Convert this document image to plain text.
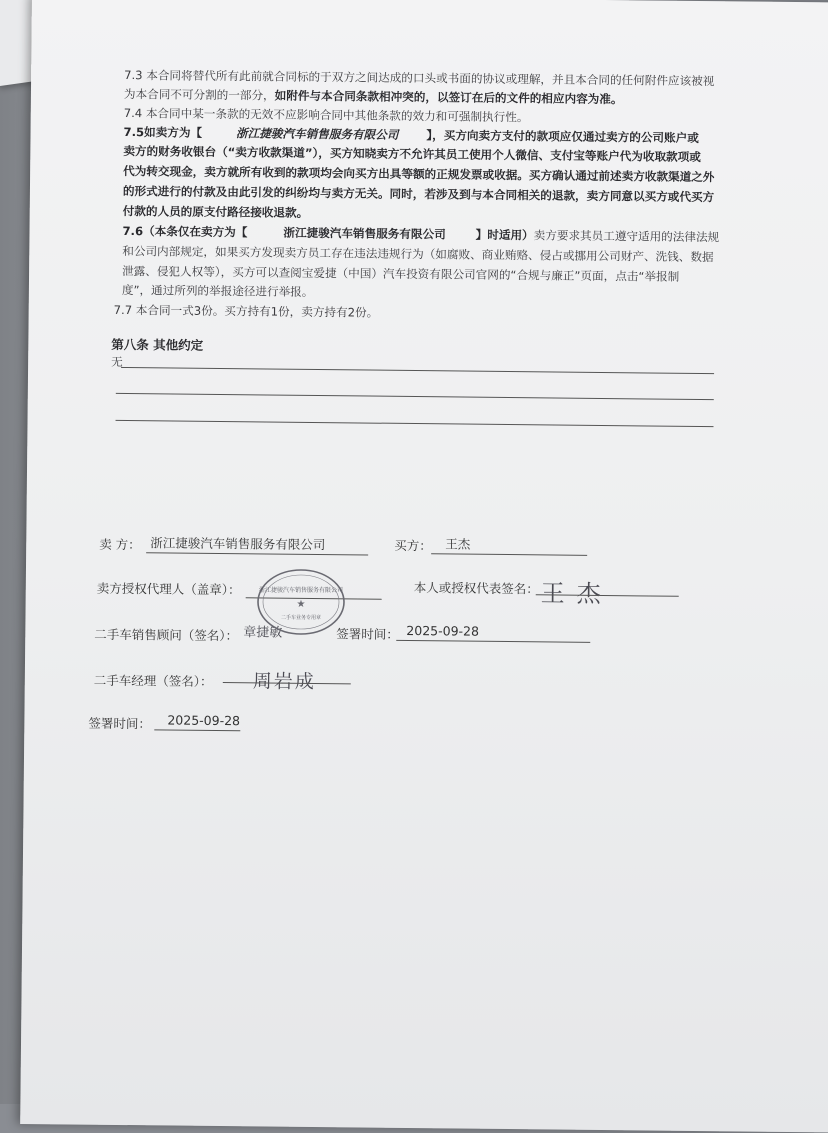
7.3 本合同将替代所有此前就合同标的于双方之间达成的口头或书面的协议或理解，并且本合同的任何附件应该被视
为本合同不可分割的一部分，如附件与本合同条款相冲突的，以签订在后的文件的相应内容为准。
7.4 本合同中某一条款的无效不应影响合同中其他条款的效力和可强制执行性。
7.5如卖方为【	浙江捷骏汽车销售服务有限公司 】，买方向卖方支付的款项应仅通过卖方的公司账户或
卖方的财务收银台（“卖方收款渠道”），买方知晓卖方不允许其员工使用个人微信、支付宝等账户代为收取款项或
代为转交现金，卖方就所有收到的款项均会向买方出具等额的正规发票或收据。买方确认通过前述卖方收款渠道之外
的形式进行的付款及由此引发的纠纷均与卖方无关。同时，若涉及到与本合同相关的退款，卖方同意以买方或代买方
付款的人员的原支付路径接收退款。
7.6（本条仅在卖方为【	浙江捷骏汽车销售服务有限公司	】时适用）卖方要求其员工遵守适用的法律法规
和公司内部规定，如果买方发现卖方员工存在违法违规行为（如腐败、商业贿赂、侵占或挪用公司财产、洗钱、数据
泄露、侵犯人权等），买方可以查阅宝爱捷（中国）汽车投资有限公司官网的“合规与廉正”页面，点击“举报制
度”，通过所列的举报途径进行举报。
7.7 本合同一式3份。买方持有1份，卖方持有2份。
第八条 其他约定
无
卖 方： 浙江捷骏汽车销售服务有限公司	买方： 王杰
卖方授权代理人（盖章）：	本人或授权代表签名： 王杰
二手车销售顾问（签名）： 章捷敏	签署时间： 2025-09-28
二手车经理（签名）： 周岩成
签署时间： 2025-09-28
浙江捷骏汽车销售服务有限公司
★
二手车业务专用章
